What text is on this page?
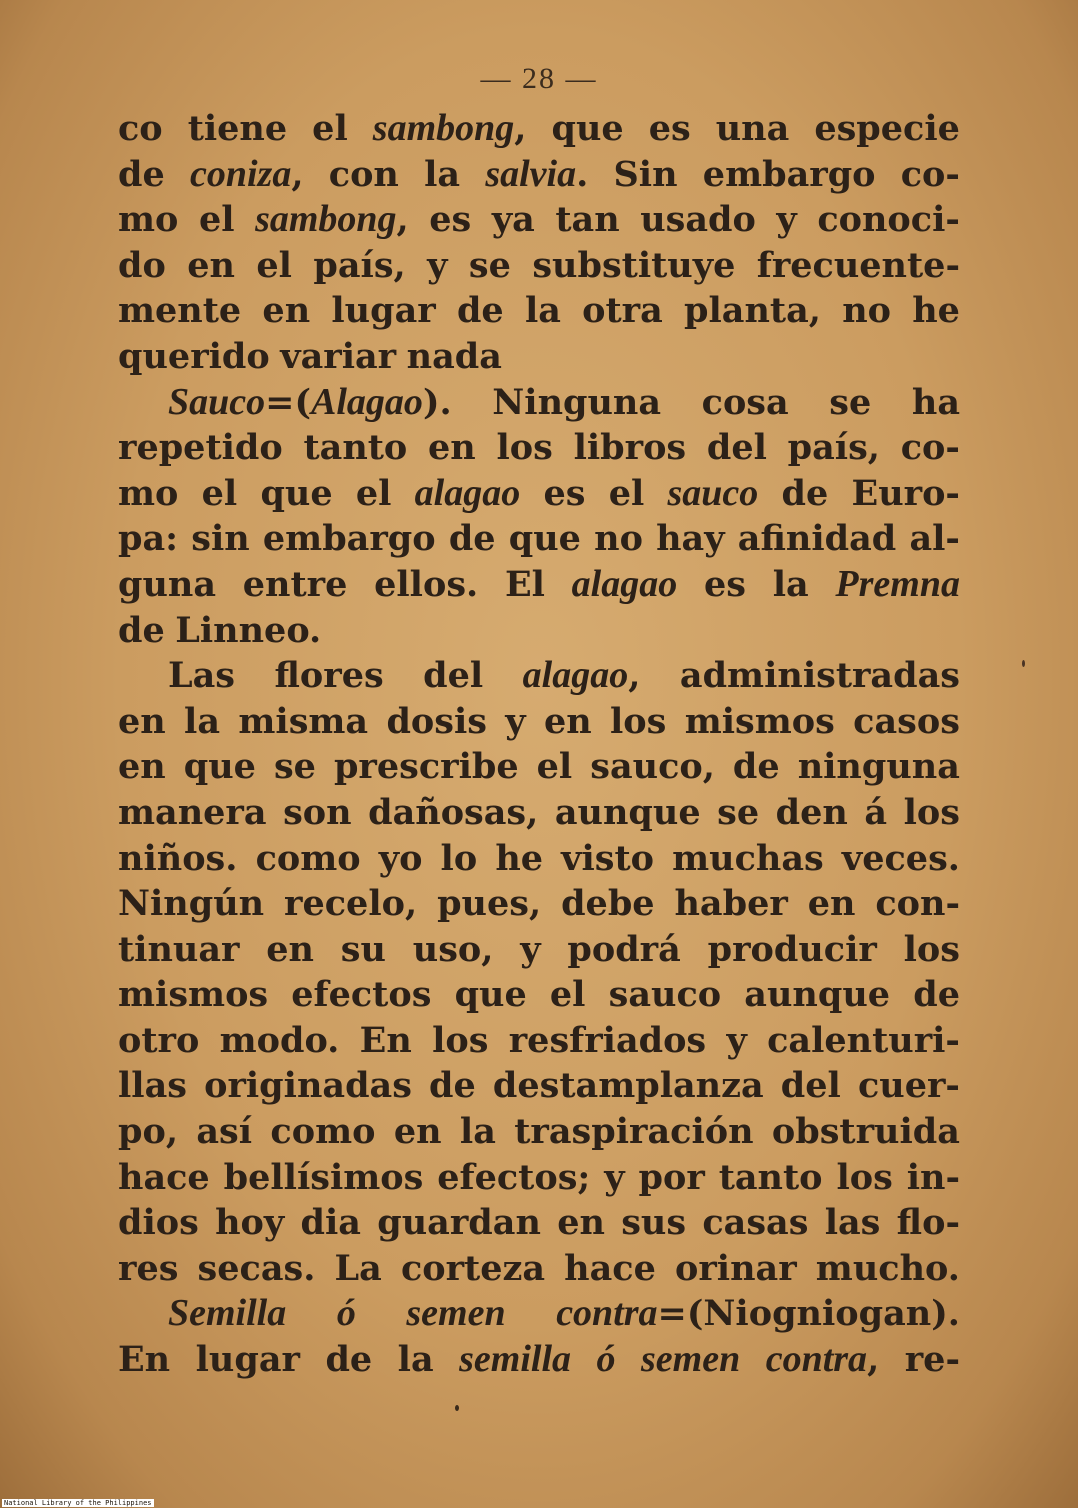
— 28 —
co tiene el sambong, que es una especie
de coniza, con la salvia. Sin embargo co-
mo el sambong, es ya tan usado y conoci-
do en el país, y se substituye frecuente-
mente en lugar de la otra planta, no he
querido variar nada
Sauco=(Alagao). Ninguna cosa se ha
repetido tanto en los libros del país, co-
mo el que el alagao es el sauco de Euro-
pa: sin embargo de que no hay afinidad al-
guna entre ellos. El alagao es la Premna
de Linneo.
Las flores del alagao, administradas
en la misma dosis y en los mismos casos
en que se prescribe el sauco, de ninguna
manera son dañosas, aunque se den á los
niños. como yo lo he visto muchas veces.
Ningún recelo, pues, debe haber en con-
tinuar en su uso, y podrá producir los
mismos efectos que el sauco aunque de
otro modo. En los resfriados y calenturi-
llas originadas de destamplanza del cuer-
po, así como en la traspiración obstruida
hace bellísimos efectos; y por tanto los in-
dios hoy dia guardan en sus casas las flo-
res secas. La corteza hace orinar mucho.
Semilla ó semen contra=(Niogniogan).
En lugar de la semilla ó semen contra, re-
National Library of the Philippines
